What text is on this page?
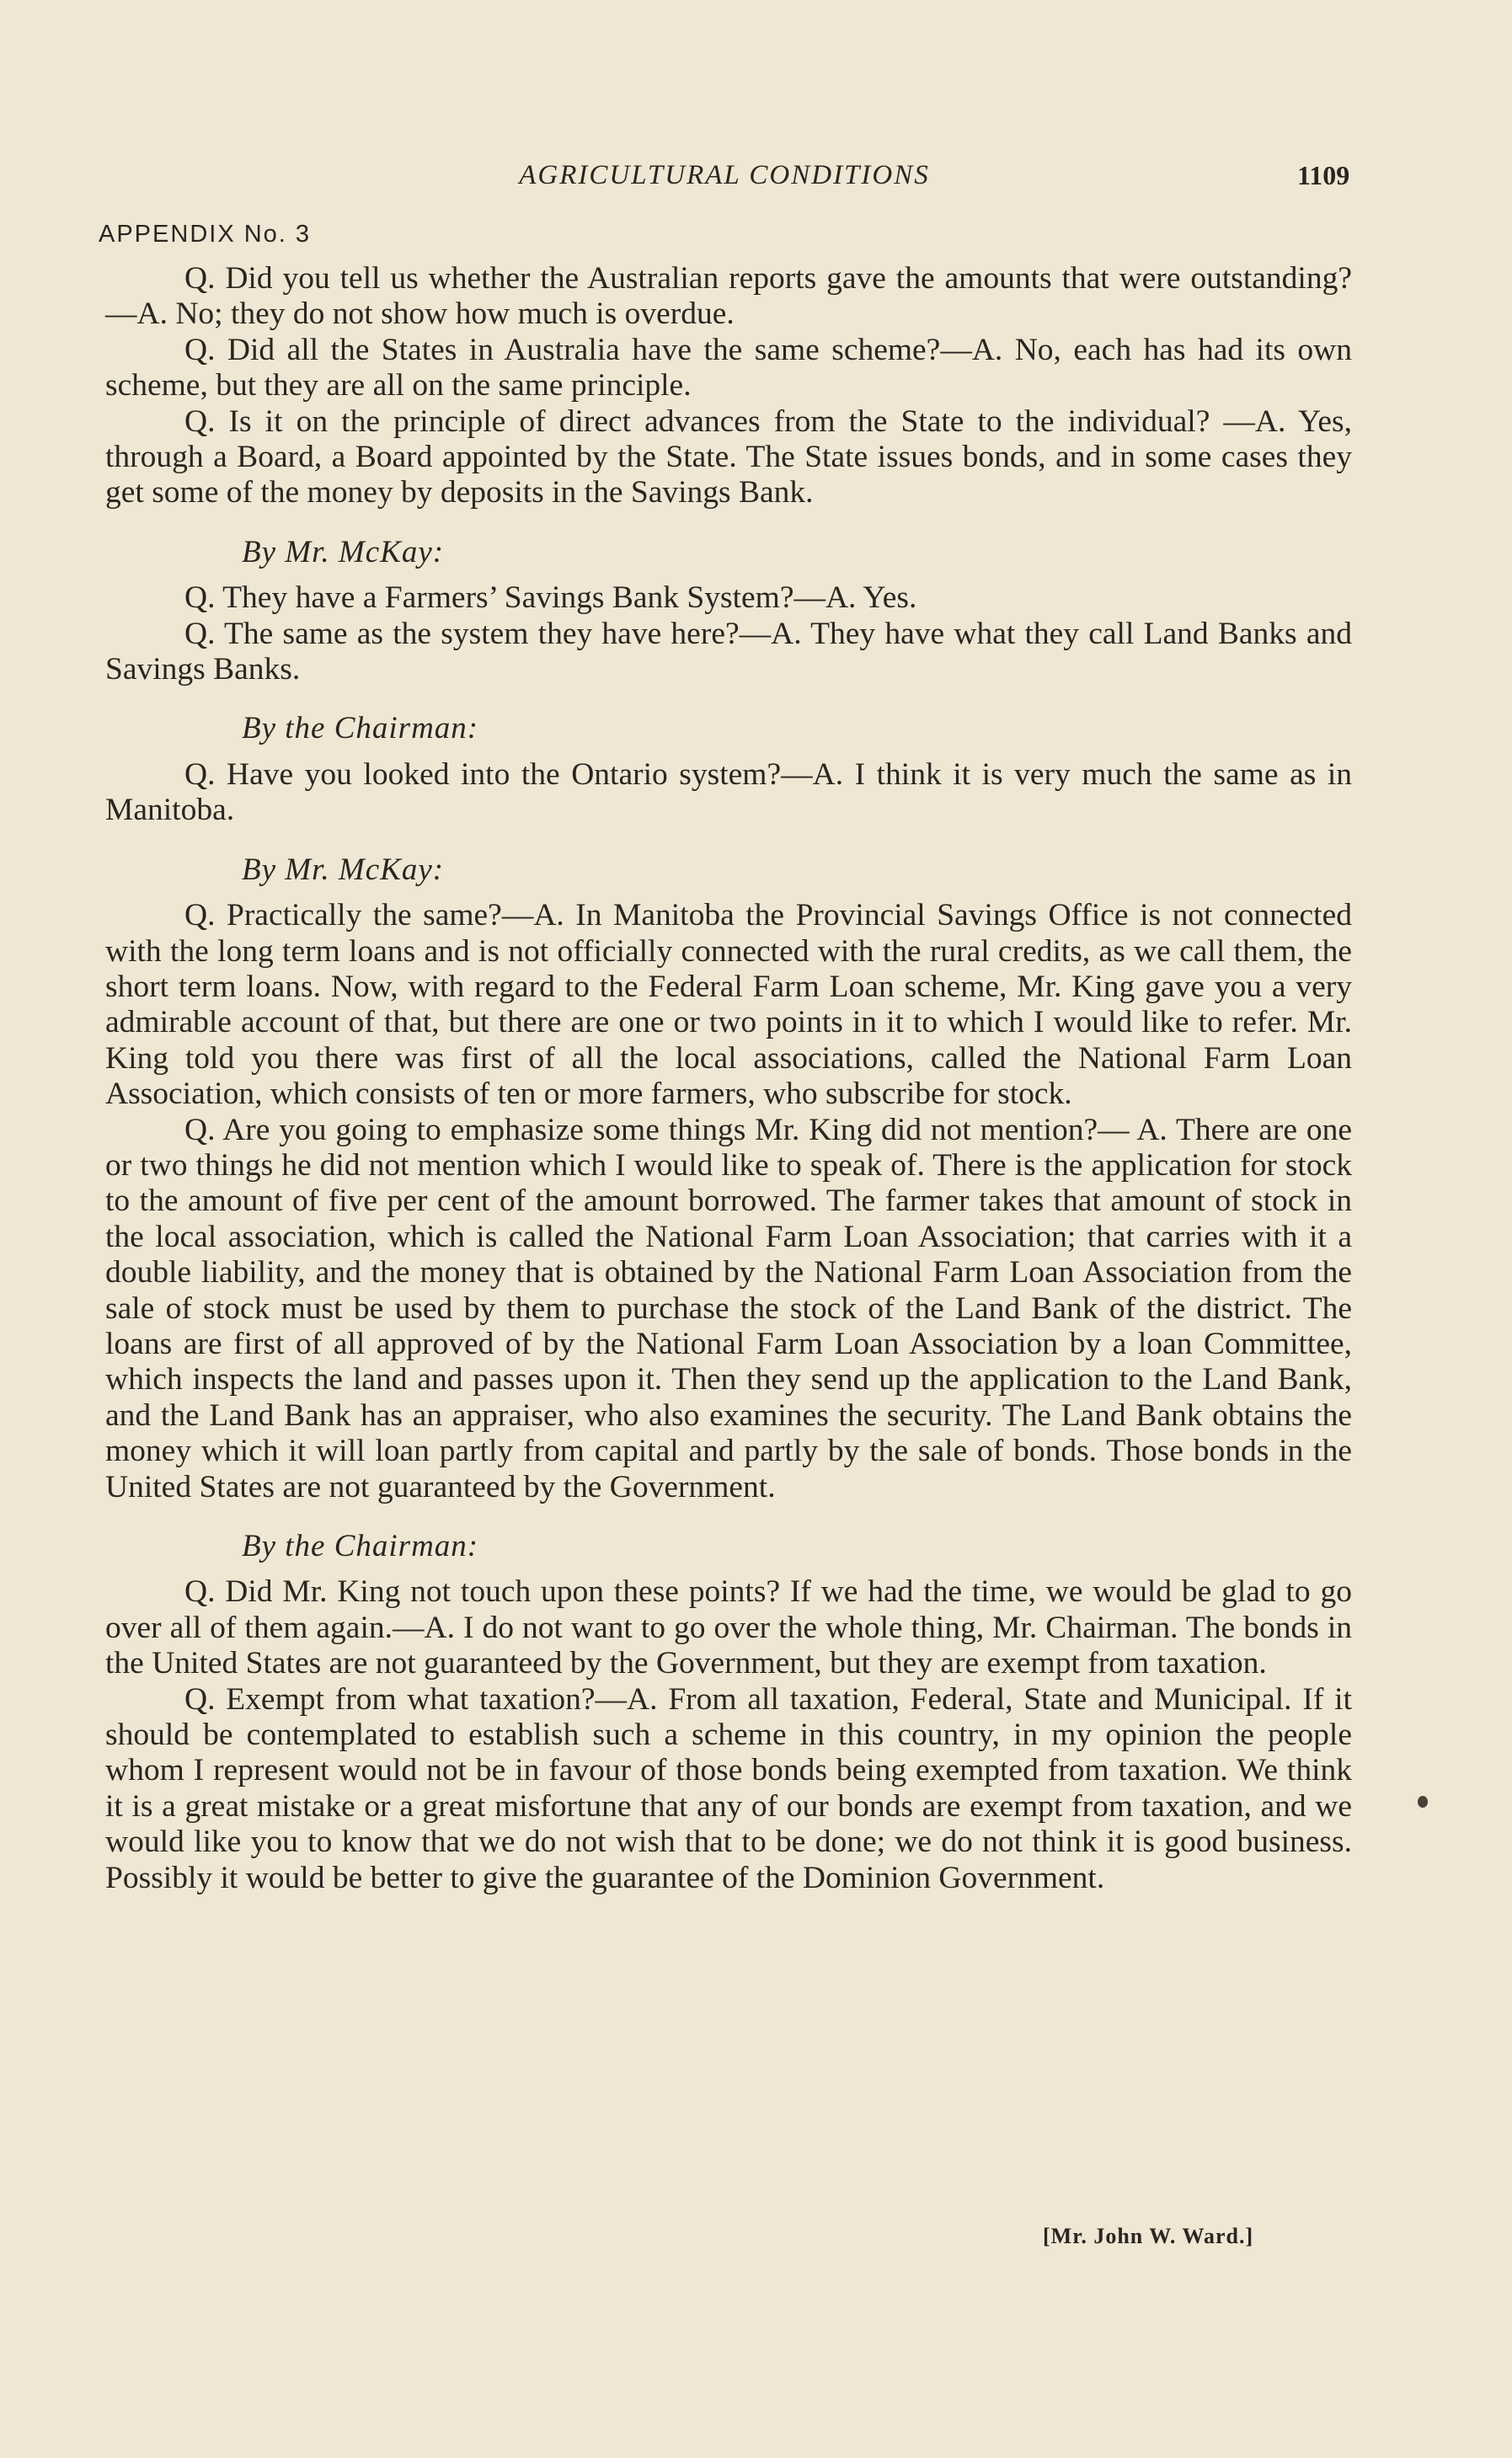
AGRICULTURAL CONDITIONS	1109
APPENDIX No. 3

Q. Did you tell us whether the Australian reports gave the amounts that were outstanding?—A. No; they do not show how much is overdue.

Q. Did all the States in Australia have the same scheme?—A. No, each has had its own scheme, but they are all on the same principle.

Q. Is it on the principle of direct advances from the State to the individual? —A. Yes, through a Board, a Board appointed by the State. The State issues bonds, and in some cases they get some of the money by deposits in the Savings Bank.

By Mr. McKay:

Q. They have a Farmers’ Savings Bank System?—A. Yes.

Q. The same as the system they have here?—A. They have what they call Land Banks and Savings Banks.

By the Chairman:

Q. Have you looked into the Ontario system?—A. I think it is very much the same as in Manitoba.

By Mr. McKay:

Q. Practically the same?—A. In Manitoba the Provincial Savings Office is not connected with the long term loans and is not officially connected with the rural credits, as we call them, the short term loans. Now, with regard to the Federal Farm Loan scheme, Mr. King gave you a very admirable account of that, but there are one or two points in it to which I would like to refer. Mr. King told you there was first of all the local associations, called the National Farm Loan Association, which consists of ten or more farmers, who subscribe for stock.

Q. Are you going to emphasize some things Mr. King did not mention?— A. There are one or two things he did not mention which I would like to speak of. There is the application for stock to the amount of five per cent of the amount borrowed. The farmer takes that amount of stock in the local association, which is called the National Farm Loan Association; that carries with it a double liability, and the money that is obtained by the National Farm Loan Association from the sale of stock must be used by them to purchase the stock of the Land Bank of the district. The loans are first of all approved of by the National Farm Loan Association by a loan Committee, which inspects the land and passes upon it. Then they send up the application to the Land Bank, and the Land Bank has an appraiser, who also examines the security. The Land Bank obtains the money which it will loan partly from capital and partly by the sale of bonds. Those bonds in the United States are not guaranteed by the Government.

By the Chairman:

Q. Did Mr. King not touch upon these points? If we had the time, we would be glad to go over all of them again.—A. I do not want to go over the whole thing, Mr. Chairman. The bonds in the United States are not guaranteed by the Government, but they are exempt from taxation.

Q. Exempt from what taxation?—A. From all taxation, Federal, State and Municipal. If it should be contemplated to establish such a scheme in this country, in my opinion the people whom I represent would not be in favour of those bonds being exempted from taxation. We think it is a great mistake or a great misfortune that any of our bonds are exempt from taxation, and we would like you to know that we do not wish that to be done; we do not think it is good business. Possibly it would be better to give the guarantee of the Dominion Government.

[Mr. John W. Ward.]
